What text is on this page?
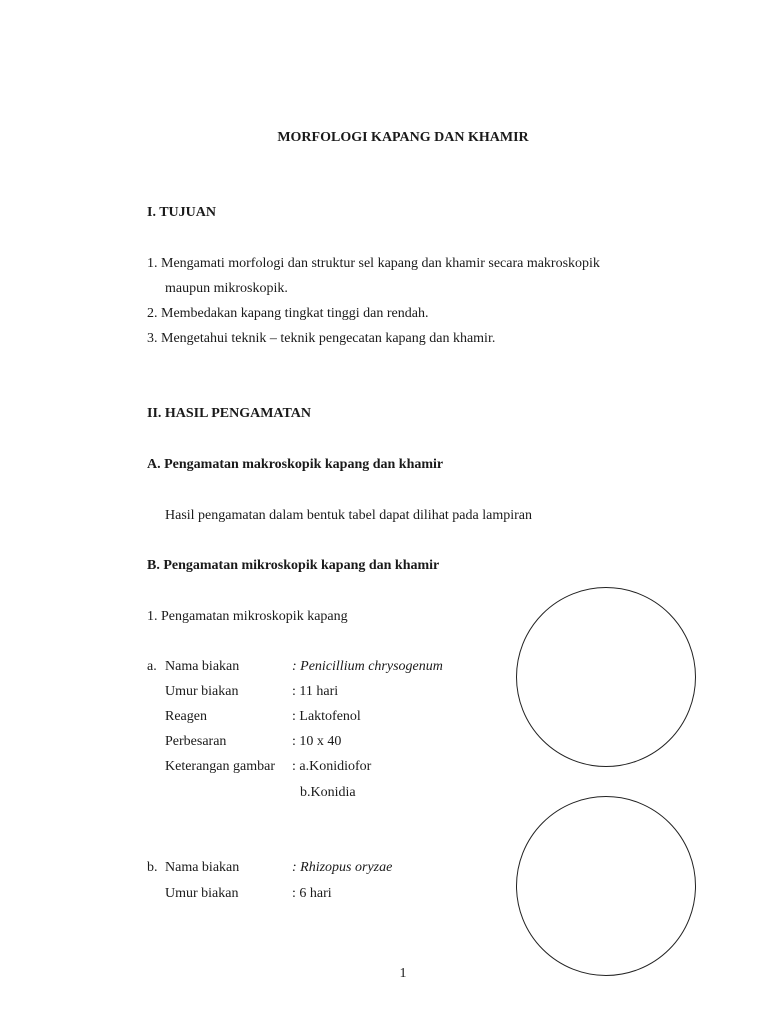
MORFOLOGI KAPANG DAN KHAMIR
I. TUJUAN
1. Mengamati morfologi dan struktur sel kapang dan khamir secara makroskopik
maupun mikroskopik.
2. Membedakan kapang tingkat tinggi dan rendah.
3. Mengetahui teknik – teknik pengecatan kapang dan khamir.
II. HASIL PENGAMATAN
A. Pengamatan makroskopik kapang dan khamir
Hasil pengamatan dalam bentuk tabel dapat dilihat pada lampiran
B. Pengamatan mikroskopik kapang dan khamir
1. Pengamatan mikroskopik kapang
a. Nama biakan	: Penicillium chrysogenum
Umur biakan	: 11 hari
Reagen	: Laktofenol
Perbesaran	: 10 x 40
Keterangan gambar : a.Konidiofor
b.Konidia
b. Nama biakan	: Rhizopus oryzae
Umur biakan	: 6 hari
1
